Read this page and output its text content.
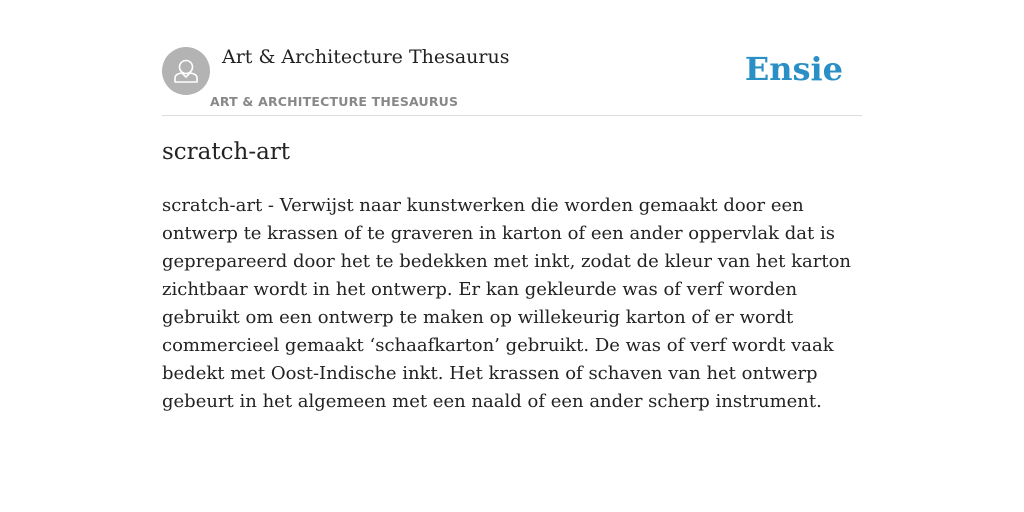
Art & Architecture Thesaurus
ART & ARCHITECTURE THESAURUS
Ensie
scratch-art

scratch-art - Verwijst naar kunstwerken die worden gemaakt door een ontwerp te krassen of te graveren in karton of een ander oppervlak dat is geprepareerd door het te bedekken met inkt, zodat de kleur van het karton zichtbaar wordt in het ontwerp. Er kan gekleurde was of verf worden gebruikt om een ontwerp te maken op willekeurig karton of er wordt commercieel gemaakt ‘schaafkarton’ gebruikt. De was of verf wordt vaak bedekt met Oost-Indische inkt. Het krassen of schaven van het ontwerp gebeurt in het algemeen met een naald of een ander scherp instrument.
